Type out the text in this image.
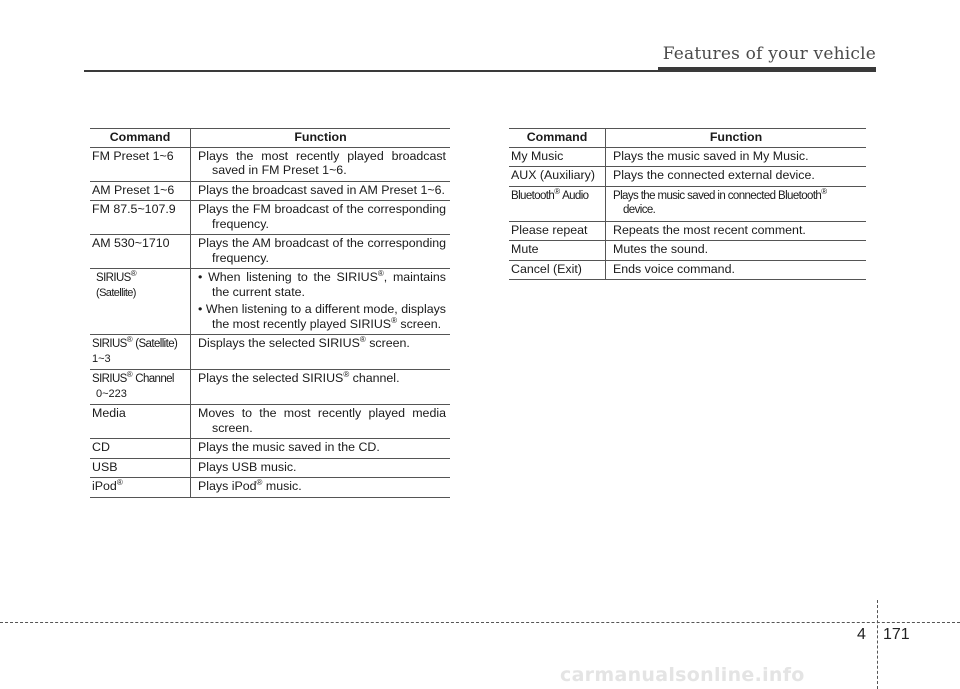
Features of your vehicle
Command	Function
FM Preset 1~6	Plays the most recently played broadcast saved in FM Preset 1~6.

AM Preset 1~6	Plays the broadcast saved in AM Preset 1~6.
FM 87.5~107.9	Plays the FM broadcast of the corresponding frequency.

AM 530~1710	Plays the AM broadcast of the corresponding frequency.

SIRIUS®
(Satellite)	• When listening to the SIRIUS®, maintains the current state.
• When listening to a different mode, displays the most recently played SIRIUS® screen.

SIRIUS® (Satellite)
1~3	Displays the selected SIRIUS® screen.
SIRIUS® Channel
0~223	Plays the selected SIRIUS® channel.
Media	Moves to the most recently played media screen.

CD	Plays the music saved in the CD.
USB	Plays USB music.
iPod®	Plays iPod® music.
Command	Function
My Music	Plays the music saved in My Music.
AUX (Auxiliary)	Plays the connected external device.
Bluetooth® Audio	Plays the music saved in connected Bluetooth®
device.

Please repeat	Repeats the most recent comment.
Mute	Mutes the sound.
Cancel (Exit)	Ends voice command.
4 171
carmanualsonline.info
